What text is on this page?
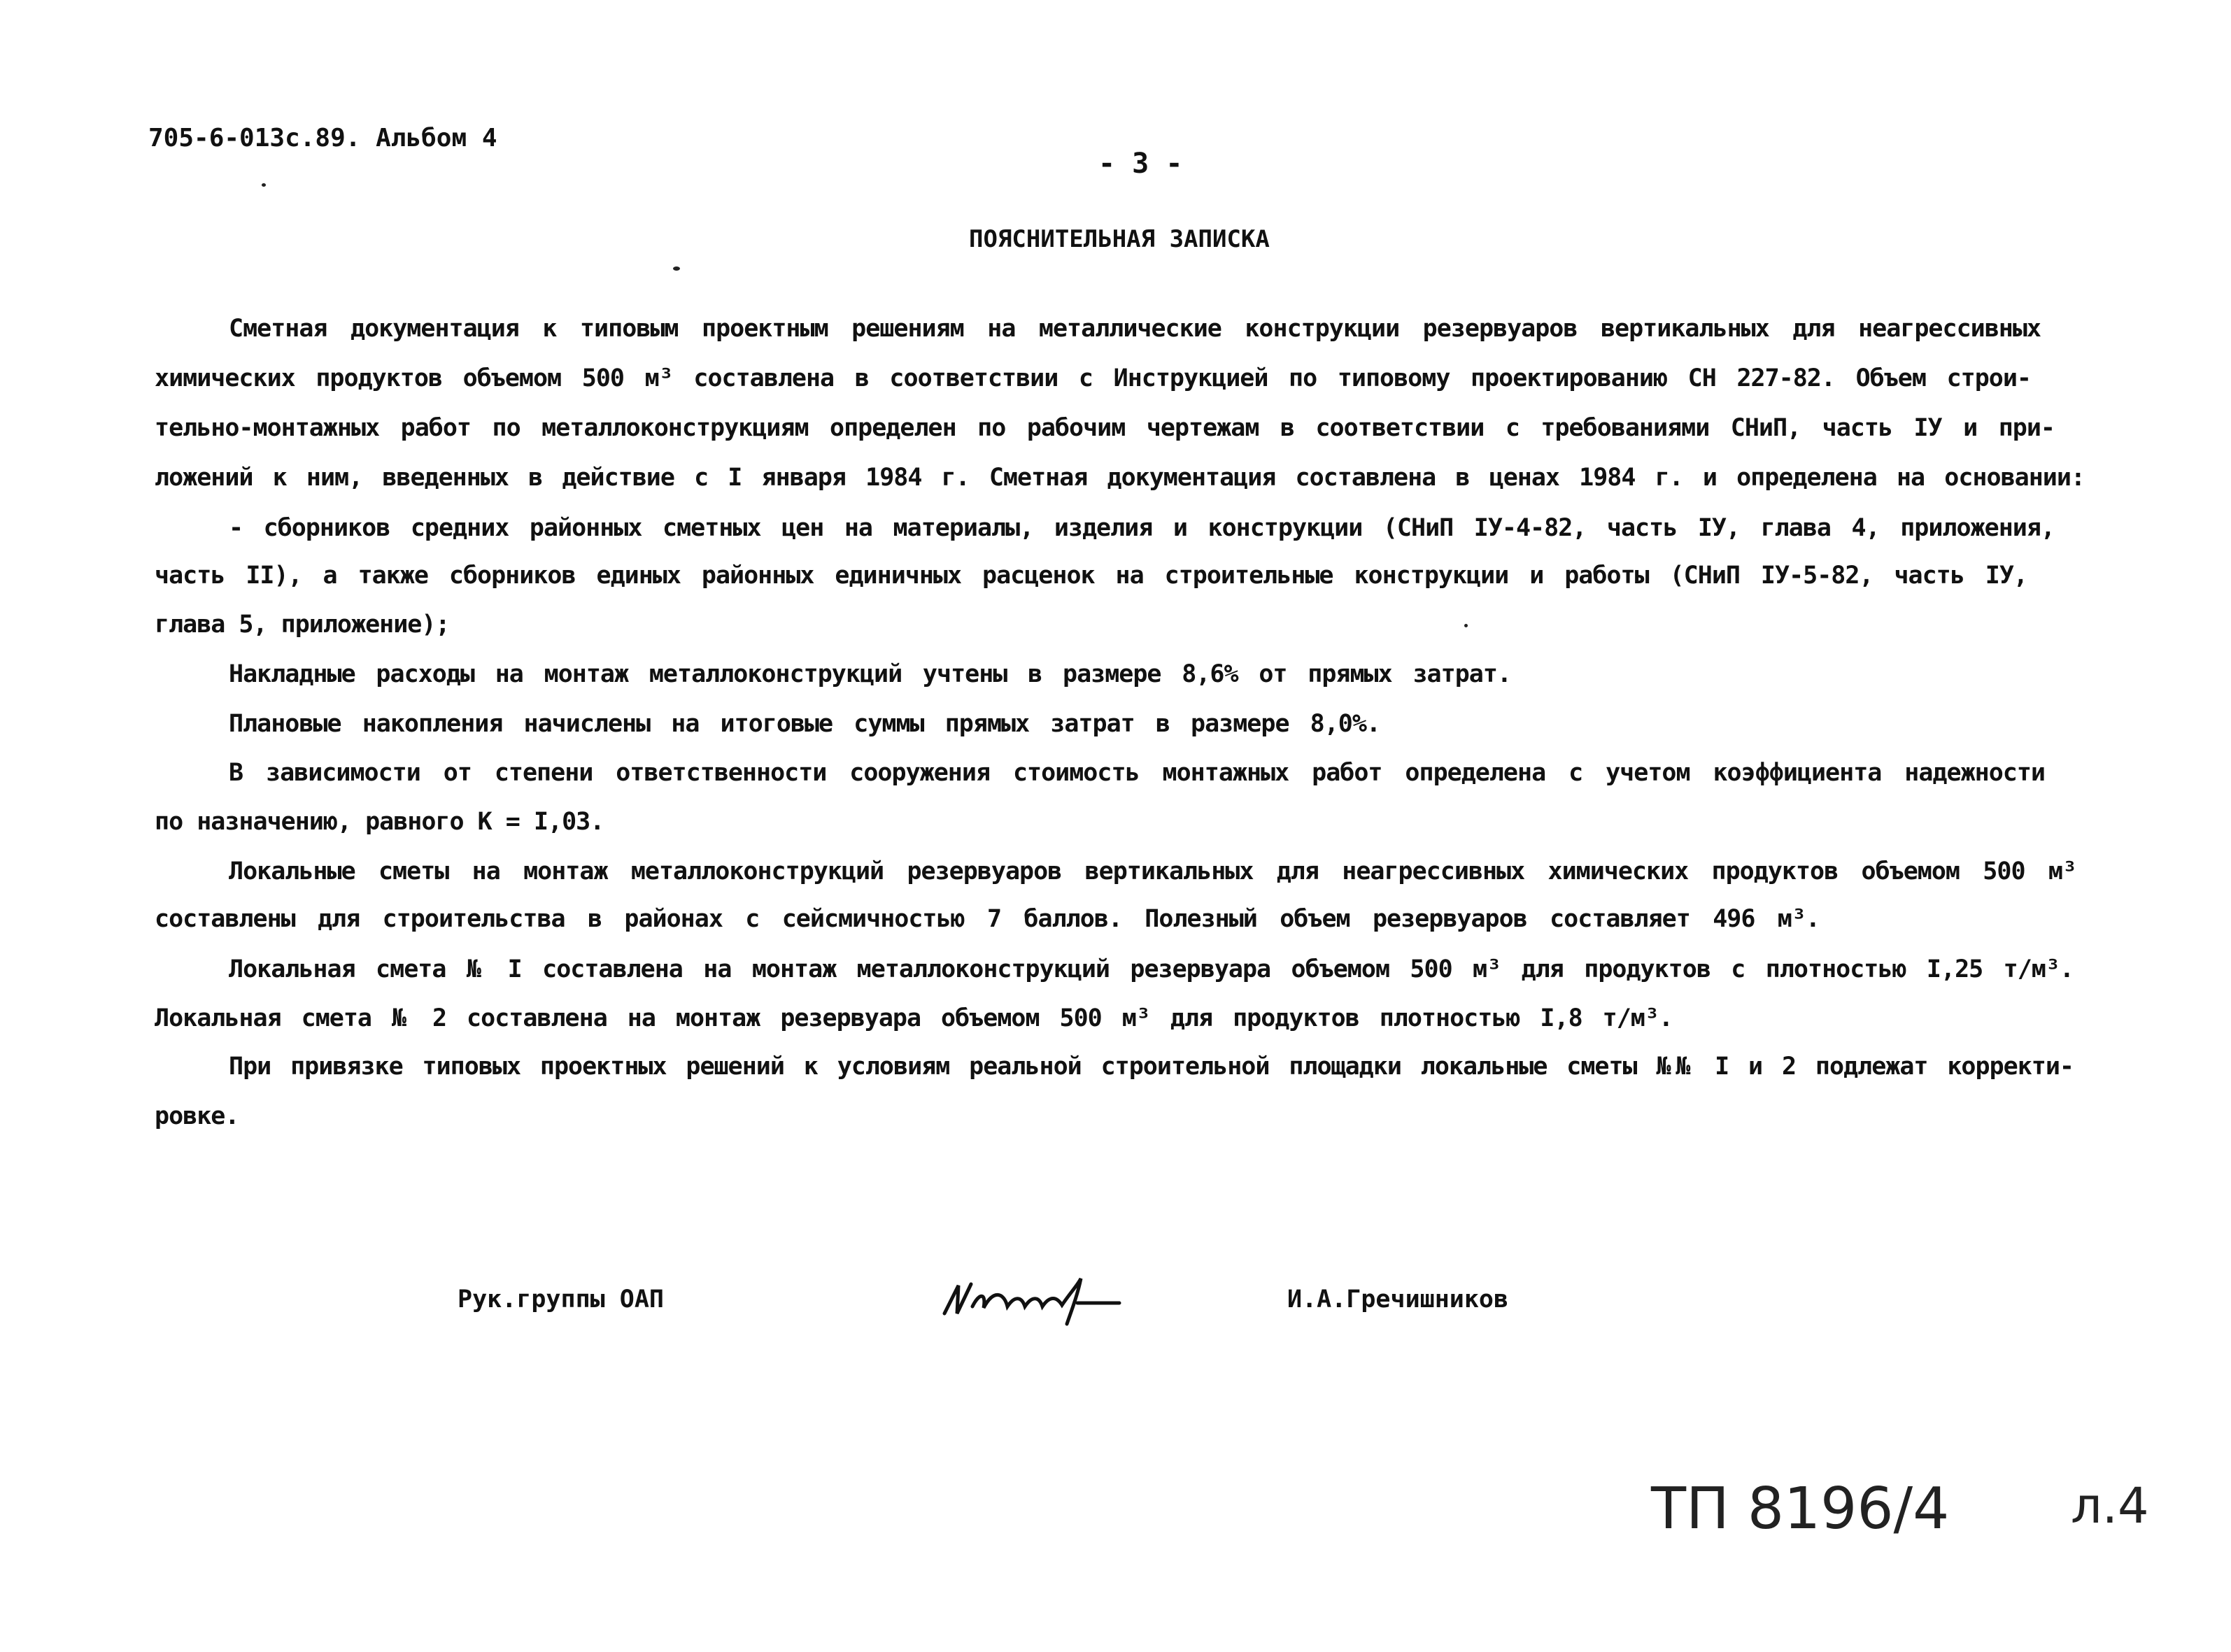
705-6-013с.89. Альбом 4
- 3 -
ПОЯСНИТЕЛЬНАЯ ЗАПИСКА
Сметная документация к типовым проектным решениям на металлические конструкции резервуаров вертикальных для неагрессивных
химических продуктов объемом 500 м³ составлена в соответствии с Инструкцией по типовому проектированию СН 227-82. Объем строи-
тельно-монтажных работ по металлоконструкциям определен по рабочим чертежам в соответствии с требованиями СНиП, часть IУ и при-
ложений к ним, введенных в действие с I января 1984 г. Сметная документация составлена в ценах 1984 г. и определена на основании:
- сборников средних районных сметных цен на материалы, изделия и конструкции (СНиП IУ-4-82, часть IУ, глава 4, приложения,
часть II), а также сборников единых районных единичных расценок на строительные конструкции и работы (СНиП IУ-5-82, часть IУ,
глава 5, приложение);
Накладные расходы на монтаж металлоконструкций учтены в размере 8,6% от прямых затрат.
Плановые накопления начислены на итоговые суммы прямых затрат в размере 8,0%.
В зависимости от степени ответственности сооружения стоимость монтажных работ определена с учетом коэффициента надежности
по назначению, равного К = I,03.
Локальные сметы на монтаж металлоконструкций резервуаров вертикальных для неагрессивных химических продуктов объемом 500 м³
составлены для строительства в районах с сейсмичностью 7 баллов. Полезный объем резервуаров составляет 496 м³.
Локальная смета № I составлена на монтаж металлоконструкций резервуара объемом 500 м³ для продуктов с плотностью I,25 т/м³.
Локальная смета № 2 составлена на монтаж резервуара объемом 500 м³ для продуктов плотностью I,8 т/м³.
При привязке типовых проектных решений к условиям реальной строительной площадки локальные сметы №№ I и 2 подлежат корректи-
ровке.
Рук.группы ОАП	И.А.Гречишников
ТП 8196/4 л.4
